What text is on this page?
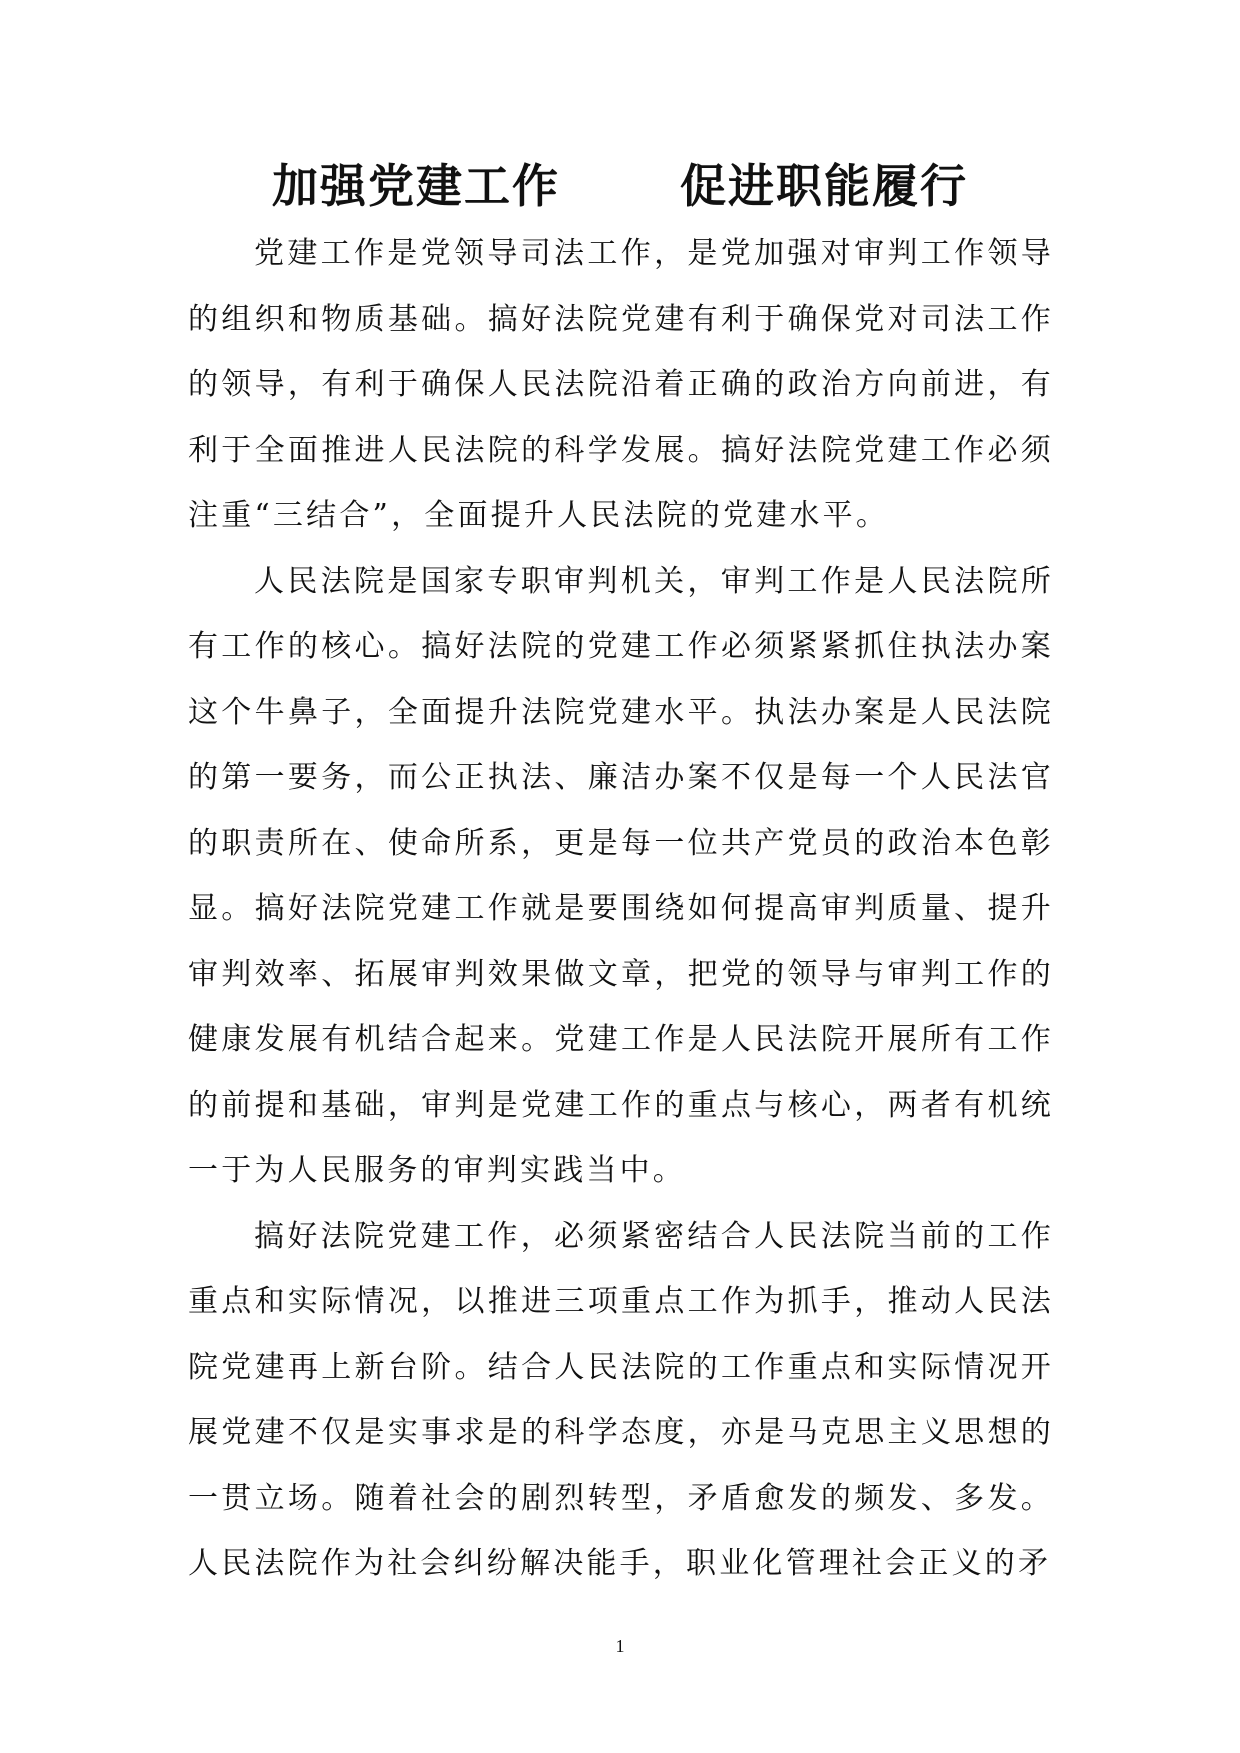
加强党建工作	促进职能履行

党建工作是党领导司法工作，是党加强对审判工作领导的组织和物质基础。搞好法院党建有利于确保党对司法工作的领导，有利于确保人民法院沿着正确的政治方向前进，有利于全面推进人民法院的科学发展。搞好法院党建工作必须注重“三结合”，全面提升人民法院的党建水平。

人民法院是国家专职审判机关，审判工作是人民法院所有工作的核心。搞好法院的党建工作必须紧紧抓住执法办案这个牛鼻子，全面提升法院党建水平。执法办案是人民法院的第一要务，而公正执法、廉洁办案不仅是每一个人民法官的职责所在、使命所系，更是每一位共产党员的政治本色彰显。搞好法院党建工作就是要围绕如何提高审判质量、提升审判效率、拓展审判效果做文章，把党的领导与审判工作的健康发展有机结合起来。党建工作是人民法院开展所有工作的前提和基础，审判是党建工作的重点与核心，两者有机统一于为人民服务的审判实践当中。

搞好法院党建工作，必须紧密结合人民法院当前的工作重点和实际情况，以推进三项重点工作为抓手，推动人民法院党建再上新台阶。结合人民法院的工作重点和实际情况开展党建不仅是实事求是的科学态度，亦是马克思主义思想的一贯立场。随着社会的剧烈转型，矛盾愈发的频发、多发。人民法院作为社会纠纷解决能手，职业化管理社会正义的矛

1
